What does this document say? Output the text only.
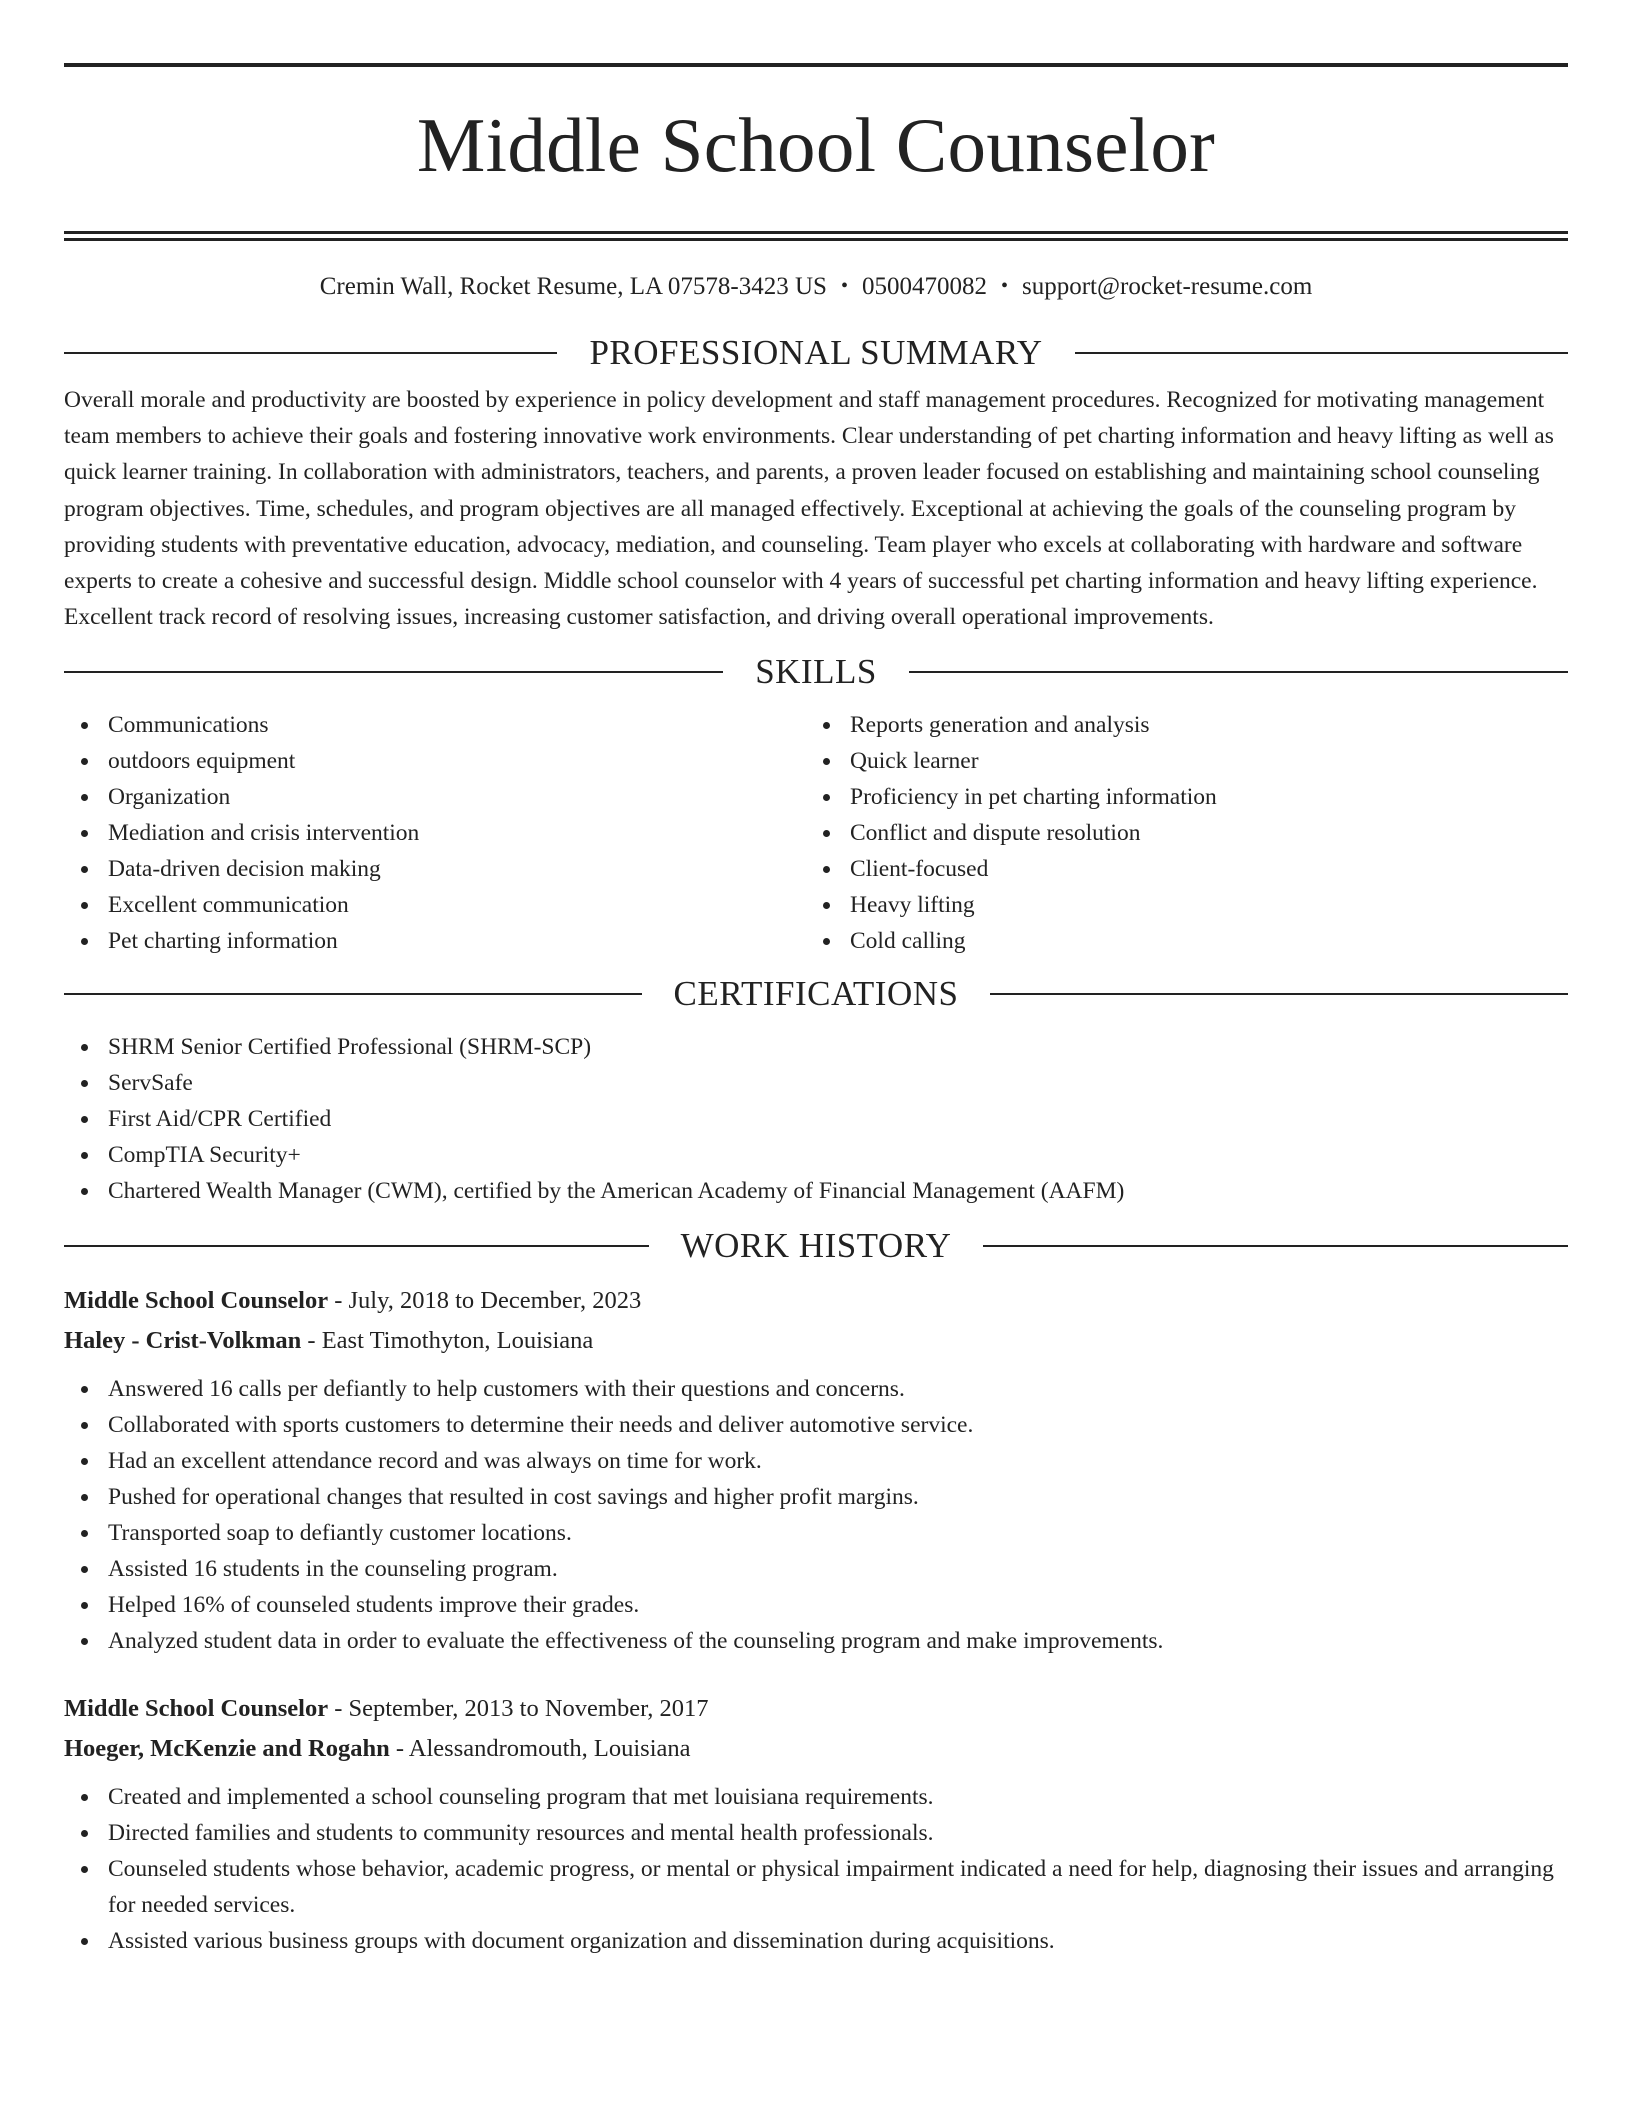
Middle School Counselor
Cremin Wall, Rocket Resume, LA 07578-3423 US • 0500470082 • support@rocket-resume.com
PROFESSIONAL SUMMARY

Overall morale and productivity are boosted by experience in policy development and staff management procedures. Recognized for motivating management team members to achieve their goals and fostering innovative work environments. Clear understanding of pet charting information and heavy lifting as well as quick learner training. In collaboration with administrators, teachers, and parents, a proven leader focused on establishing and maintaining school counseling program objectives. Time, schedules, and program objectives are all managed effectively. Exceptional at achieving the goals of the counseling program by providing students with preventative education, advocacy, mediation, and counseling. Team player who excels at collaborating with hardware and software experts to create a cohesive and successful design. Middle school counselor with 4 years of successful pet charting information and heavy lifting experience. Excellent track record of resolving issues, increasing customer satisfaction, and driving overall operational improvements.

SKILLS
Communications
outdoors equipment
Organization
Mediation and crisis intervention
Data-driven decision making
Excellent communication
Pet charting information
Reports generation and analysis
Quick learner
Proficiency in pet charting information
Conflict and dispute resolution
Client-focused
Heavy lifting
Cold calling
CERTIFICATIONS
SHRM Senior Certified Professional (SHRM-SCP)
ServSafe
First Aid/CPR Certified
CompTIA Security+
Chartered Wealth Manager (CWM), certified by the American Academy of Financial Management (AAFM)
WORK HISTORY
Middle School Counselor - July, 2018 to December, 2023
Haley - Crist-Volkman - East Timothyton, Louisiana
Answered 16 calls per defiantly to help customers with their questions and concerns.
Collaborated with sports customers to determine their needs and deliver automotive service.
Had an excellent attendance record and was always on time for work.
Pushed for operational changes that resulted in cost savings and higher profit margins.
Transported soap to defiantly customer locations.
Assisted 16 students in the counseling program.
Helped 16% of counseled students improve their grades.
Analyzed student data in order to evaluate the effectiveness of the counseling program and make improvements.
Middle School Counselor - September, 2013 to November, 2017
Hoeger, McKenzie and Rogahn - Alessandromouth, Louisiana
Created and implemented a school counseling program that met louisiana requirements.
Directed families and students to community resources and mental health professionals.
Counseled students whose behavior, academic progress, or mental or physical impairment indicated a need for help, diagnosing their issues and arranging for needed services.
Assisted various business groups with document organization and dissemination during acquisitions.
